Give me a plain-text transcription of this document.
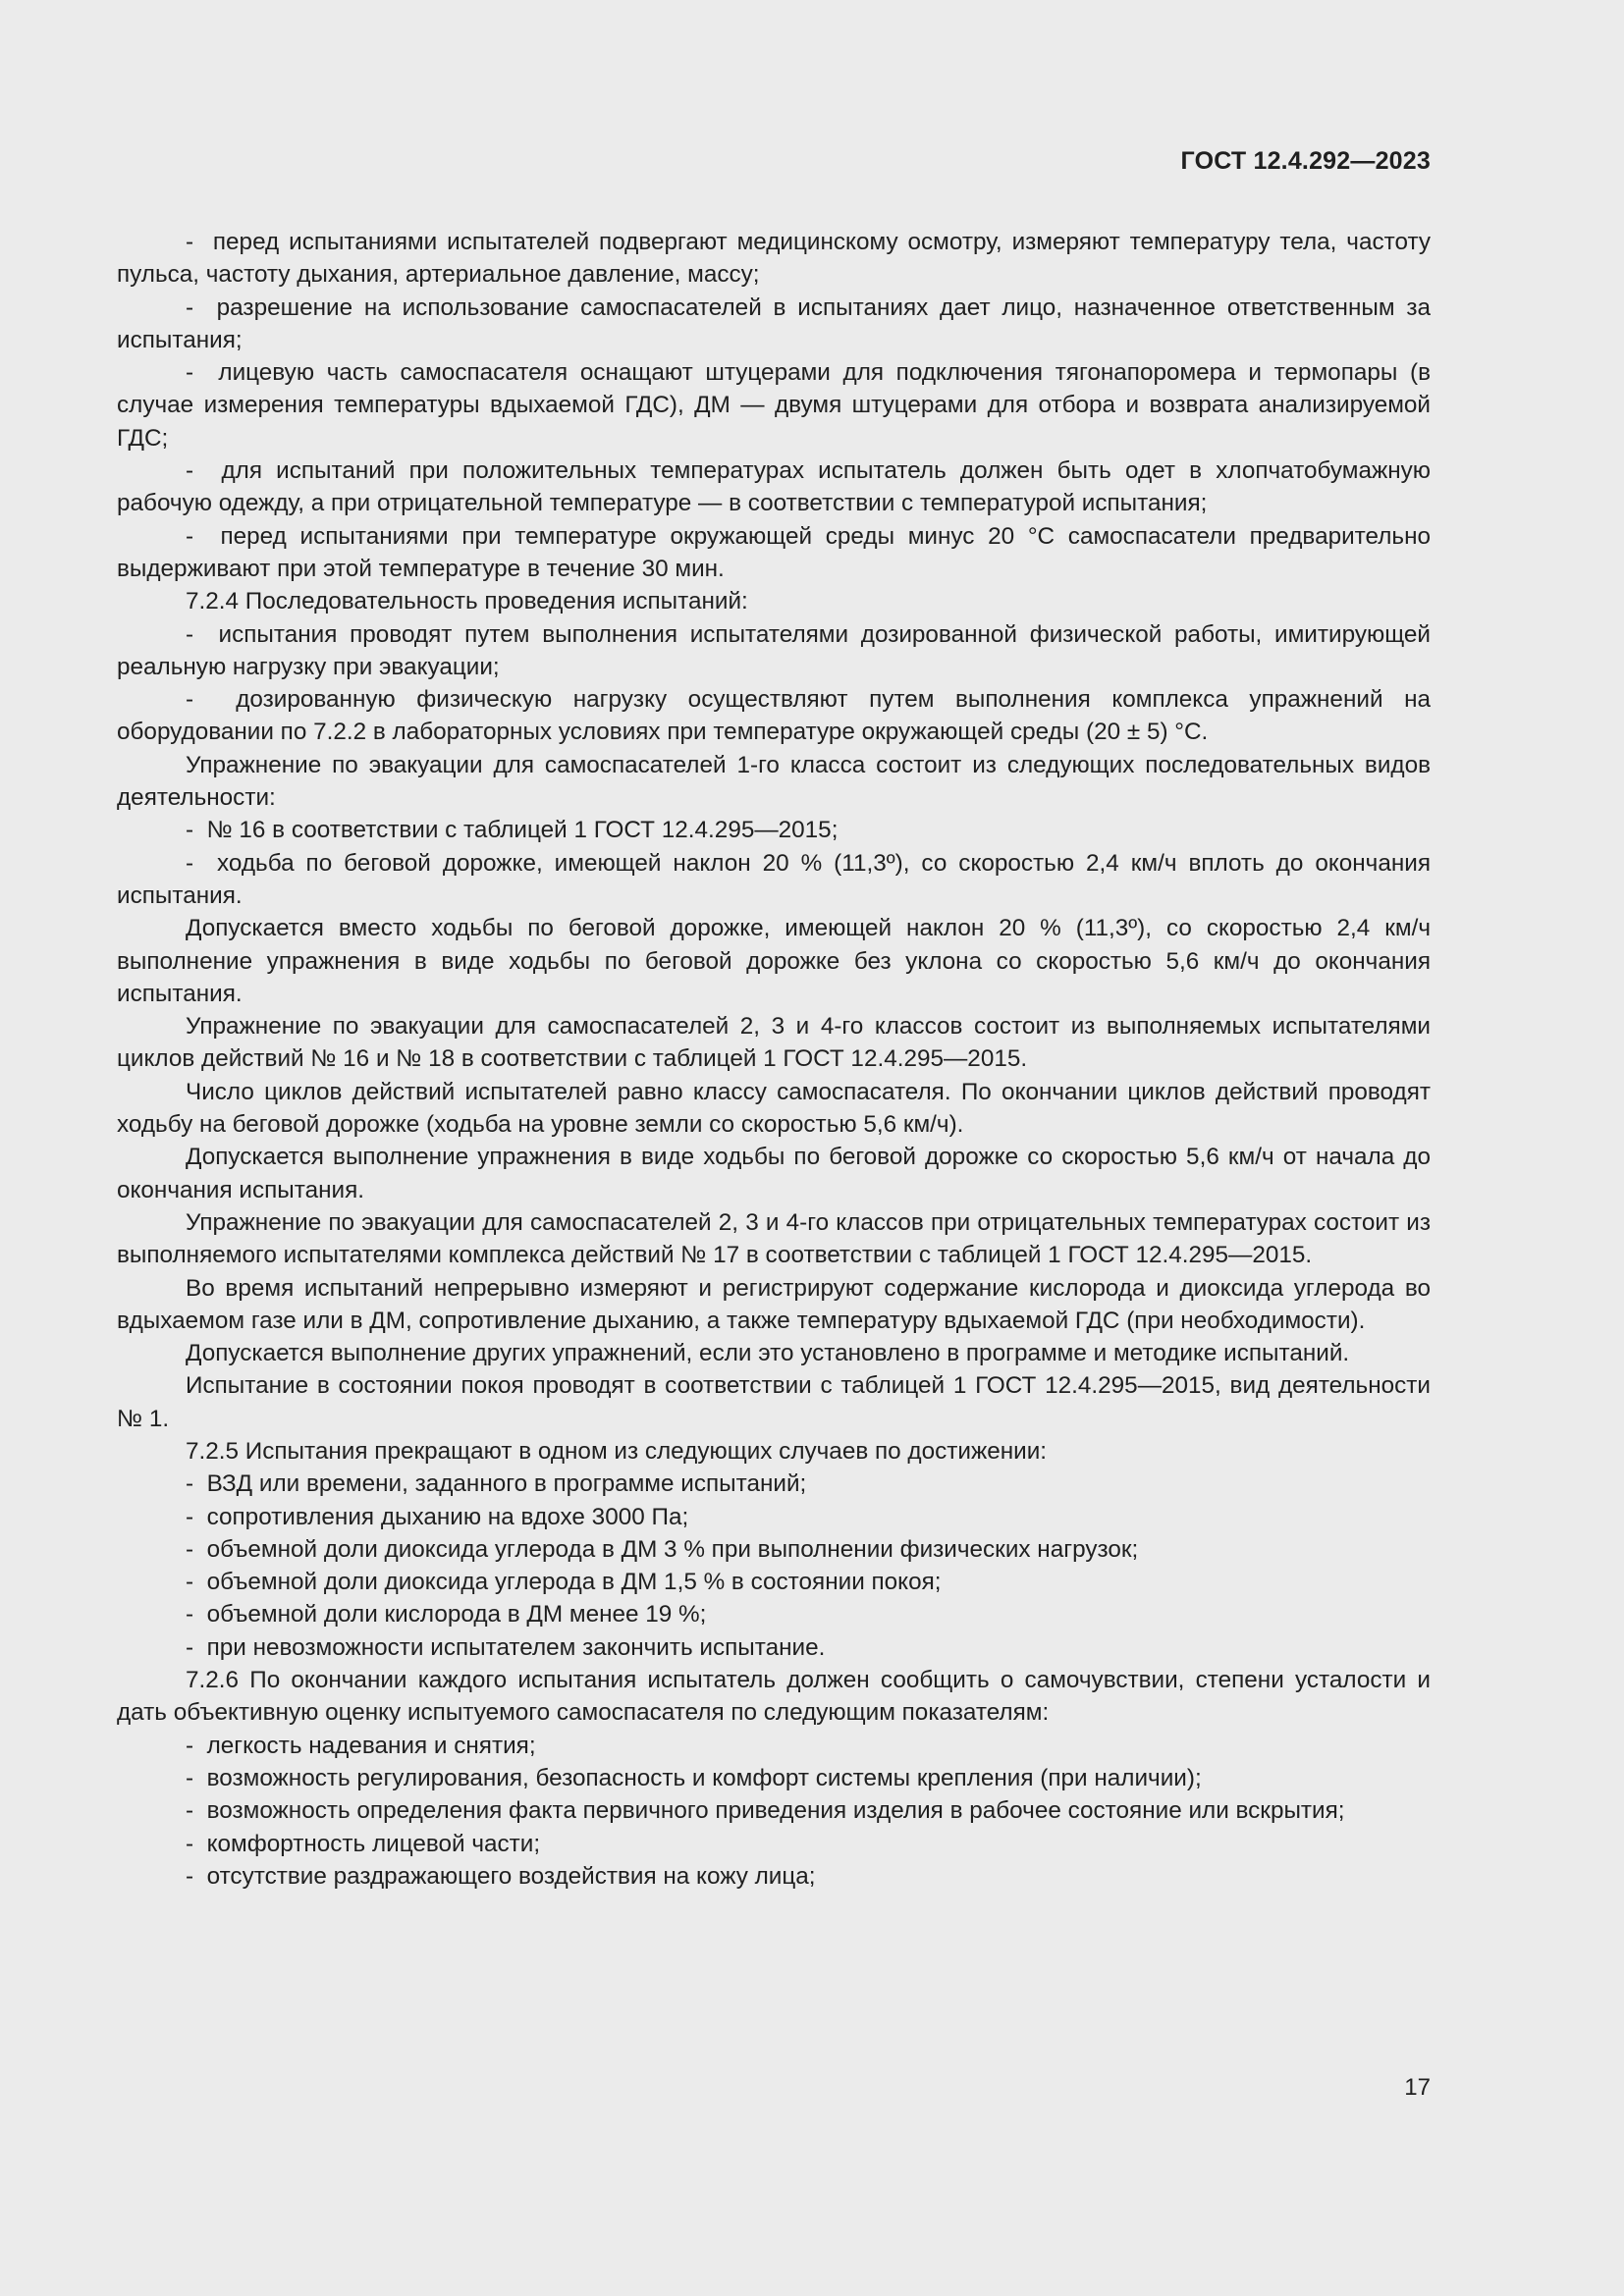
ГОСТ 12.4.292—2023

-  перед испытаниями испытателей подвергают медицинскому осмотру, измеряют температуру тела, частоту пульса, частоту дыхания, артериальное давление, массу;

-  разрешение на использование самоспасателей в испытаниях дает лицо, назначенное ответственным за испытания;

-  лицевую часть самоспасателя оснащают штуцерами для подключения тягонапоромера и термопары (в случае измерения температуры вдыхаемой ГДС), ДМ — двумя штуцерами для отбора и возврата анализируемой ГДС;

-  для испытаний при положительных температурах испытатель должен быть одет в хлопчатобумажную рабочую одежду, а при отрицательной температуре — в соответствии с температурой испытания;

-  перед испытаниями при температуре окружающей среды минус 20 °С самоспасатели предварительно выдерживают при этой температуре в течение 30 мин.

7.2.4 Последовательность проведения испытаний:

-  испытания проводят путем выполнения испытателями дозированной физической работы, имитирующей реальную нагрузку при эвакуации;

-  дозированную физическую нагрузку осуществляют путем выполнения комплекса упражнений на оборудовании по 7.2.2 в лабораторных условиях при температуре окружающей среды (20 ± 5) °С.

Упражнение по эвакуации для самоспасателей 1-го класса состоит из следующих последовательных видов деятельности:

-  № 16 в соответствии с таблицей 1 ГОСТ 12.4.295—2015;

-  ходьба по беговой дорожке, имеющей наклон 20 % (11,3º), со скоростью 2,4 км/ч вплоть до окончания испытания.

Допускается вместо ходьбы по беговой дорожке, имеющей наклон 20 % (11,3º), со скоростью 2,4 км/ч выполнение упражнения в виде ходьбы по беговой дорожке без уклона со скоростью 5,6 км/ч до окончания испытания.

Упражнение по эвакуации для самоспасателей 2, 3 и 4-го классов состоит из выполняемых испытателями циклов действий № 16 и № 18 в соответствии с таблицей 1 ГОСТ 12.4.295—2015.

Число циклов действий испытателей равно классу самоспасателя. По окончании циклов действий проводят ходьбу на беговой дорожке (ходьба на уровне земли со скоростью 5,6 км/ч).

Допускается выполнение упражнения в виде ходьбы по беговой дорожке со скоростью 5,6 км/ч от начала до окончания испытания.

Упражнение по эвакуации для самоспасателей 2, 3 и 4-го классов при отрицательных температурах состоит из выполняемого испытателями комплекса действий № 17 в соответствии с таблицей 1 ГОСТ 12.4.295—2015.

Во время испытаний непрерывно измеряют и регистрируют содержание кислорода и диоксида углерода во вдыхаемом газе или в ДМ, сопротивление дыханию, а также температуру вдыхаемой ГДС (при необходимости).

Допускается выполнение других упражнений, если это установлено в программе и методике испытаний.

Испытание в состоянии покоя проводят в соответствии с таблицей 1 ГОСТ 12.4.295—2015, вид деятельности № 1.

7.2.5 Испытания прекращают в одном из следующих случаев по достижении:

-  ВЗД или времени, заданного в программе испытаний;

-  сопротивления дыханию на вдохе 3000 Па;

-  объемной доли диоксида углерода в ДМ 3 % при выполнении физических нагрузок;

-  объемной доли диоксида углерода в ДМ 1,5 % в состоянии покоя;

-  объемной доли кислорода в ДМ менее 19 %;

-  при невозможности испытателем закончить испытание.

7.2.6 По окончании каждого испытания испытатель должен сообщить о самочувствии, степени усталости и дать объективную оценку испытуемого самоспасателя по следующим показателям:

-  легкость надевания и снятия;

-  возможность регулирования, безопасность и комфорт системы крепления (при наличии);

-  возможность определения факта первичного приведения изделия в рабочее состояние или вскрытия;

-  комфортность лицевой части;

-  отсутствие раздражающего воздействия на кожу лица;

17
